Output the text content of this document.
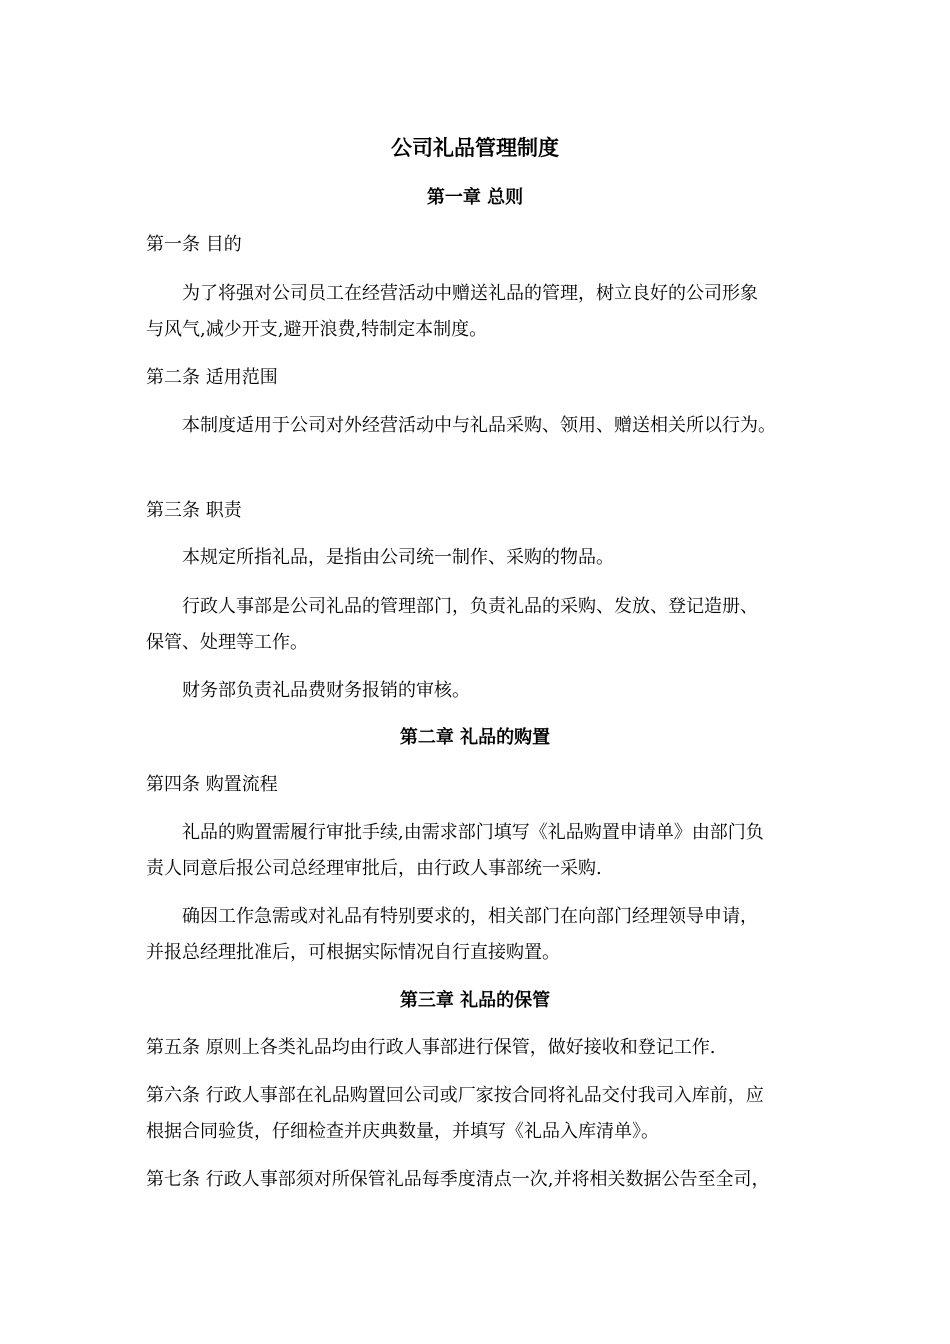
公司礼品管理制度
第一章 总则
第一条 目的
为了将强对公司员工在经营活动中赠送礼品的管理，树立良好的公司形象
与风气,减少开支,避开浪费,特制定本制度。
第二条 适用范围
本制度适用于公司对外经营活动中与礼品采购、领用、赠送相关所以行为。
第三条 职责
本规定所指礼品，是指由公司统一制作、采购的物品。
行政人事部是公司礼品的管理部门，负责礼品的采购、发放、登记造册、
保管、处理等工作。
财务部负责礼品费财务报销的审核。
第二章 礼品的购置
第四条 购置流程
礼品的购置需履行审批手续,由需求部门填写《礼品购置申请单》由部门负
责人同意后报公司总经理审批后，由行政人事部统一采购.
确因工作急需或对礼品有特别要求的，相关部门在向部门经理领导申请，
并报总经理批准后，可根据实际情况自行直接购置。
第三章 礼品的保管
第五条 原则上各类礼品均由行政人事部进行保管，做好接收和登记工作.
第六条 行政人事部在礼品购置回公司或厂家按合同将礼品交付我司入库前，应
根据合同验货，仔细检查并庆典数量，并填写《礼品入库清单》。
第七条 行政人事部须对所保管礼品每季度清点一次,并将相关数据公告至全司，
